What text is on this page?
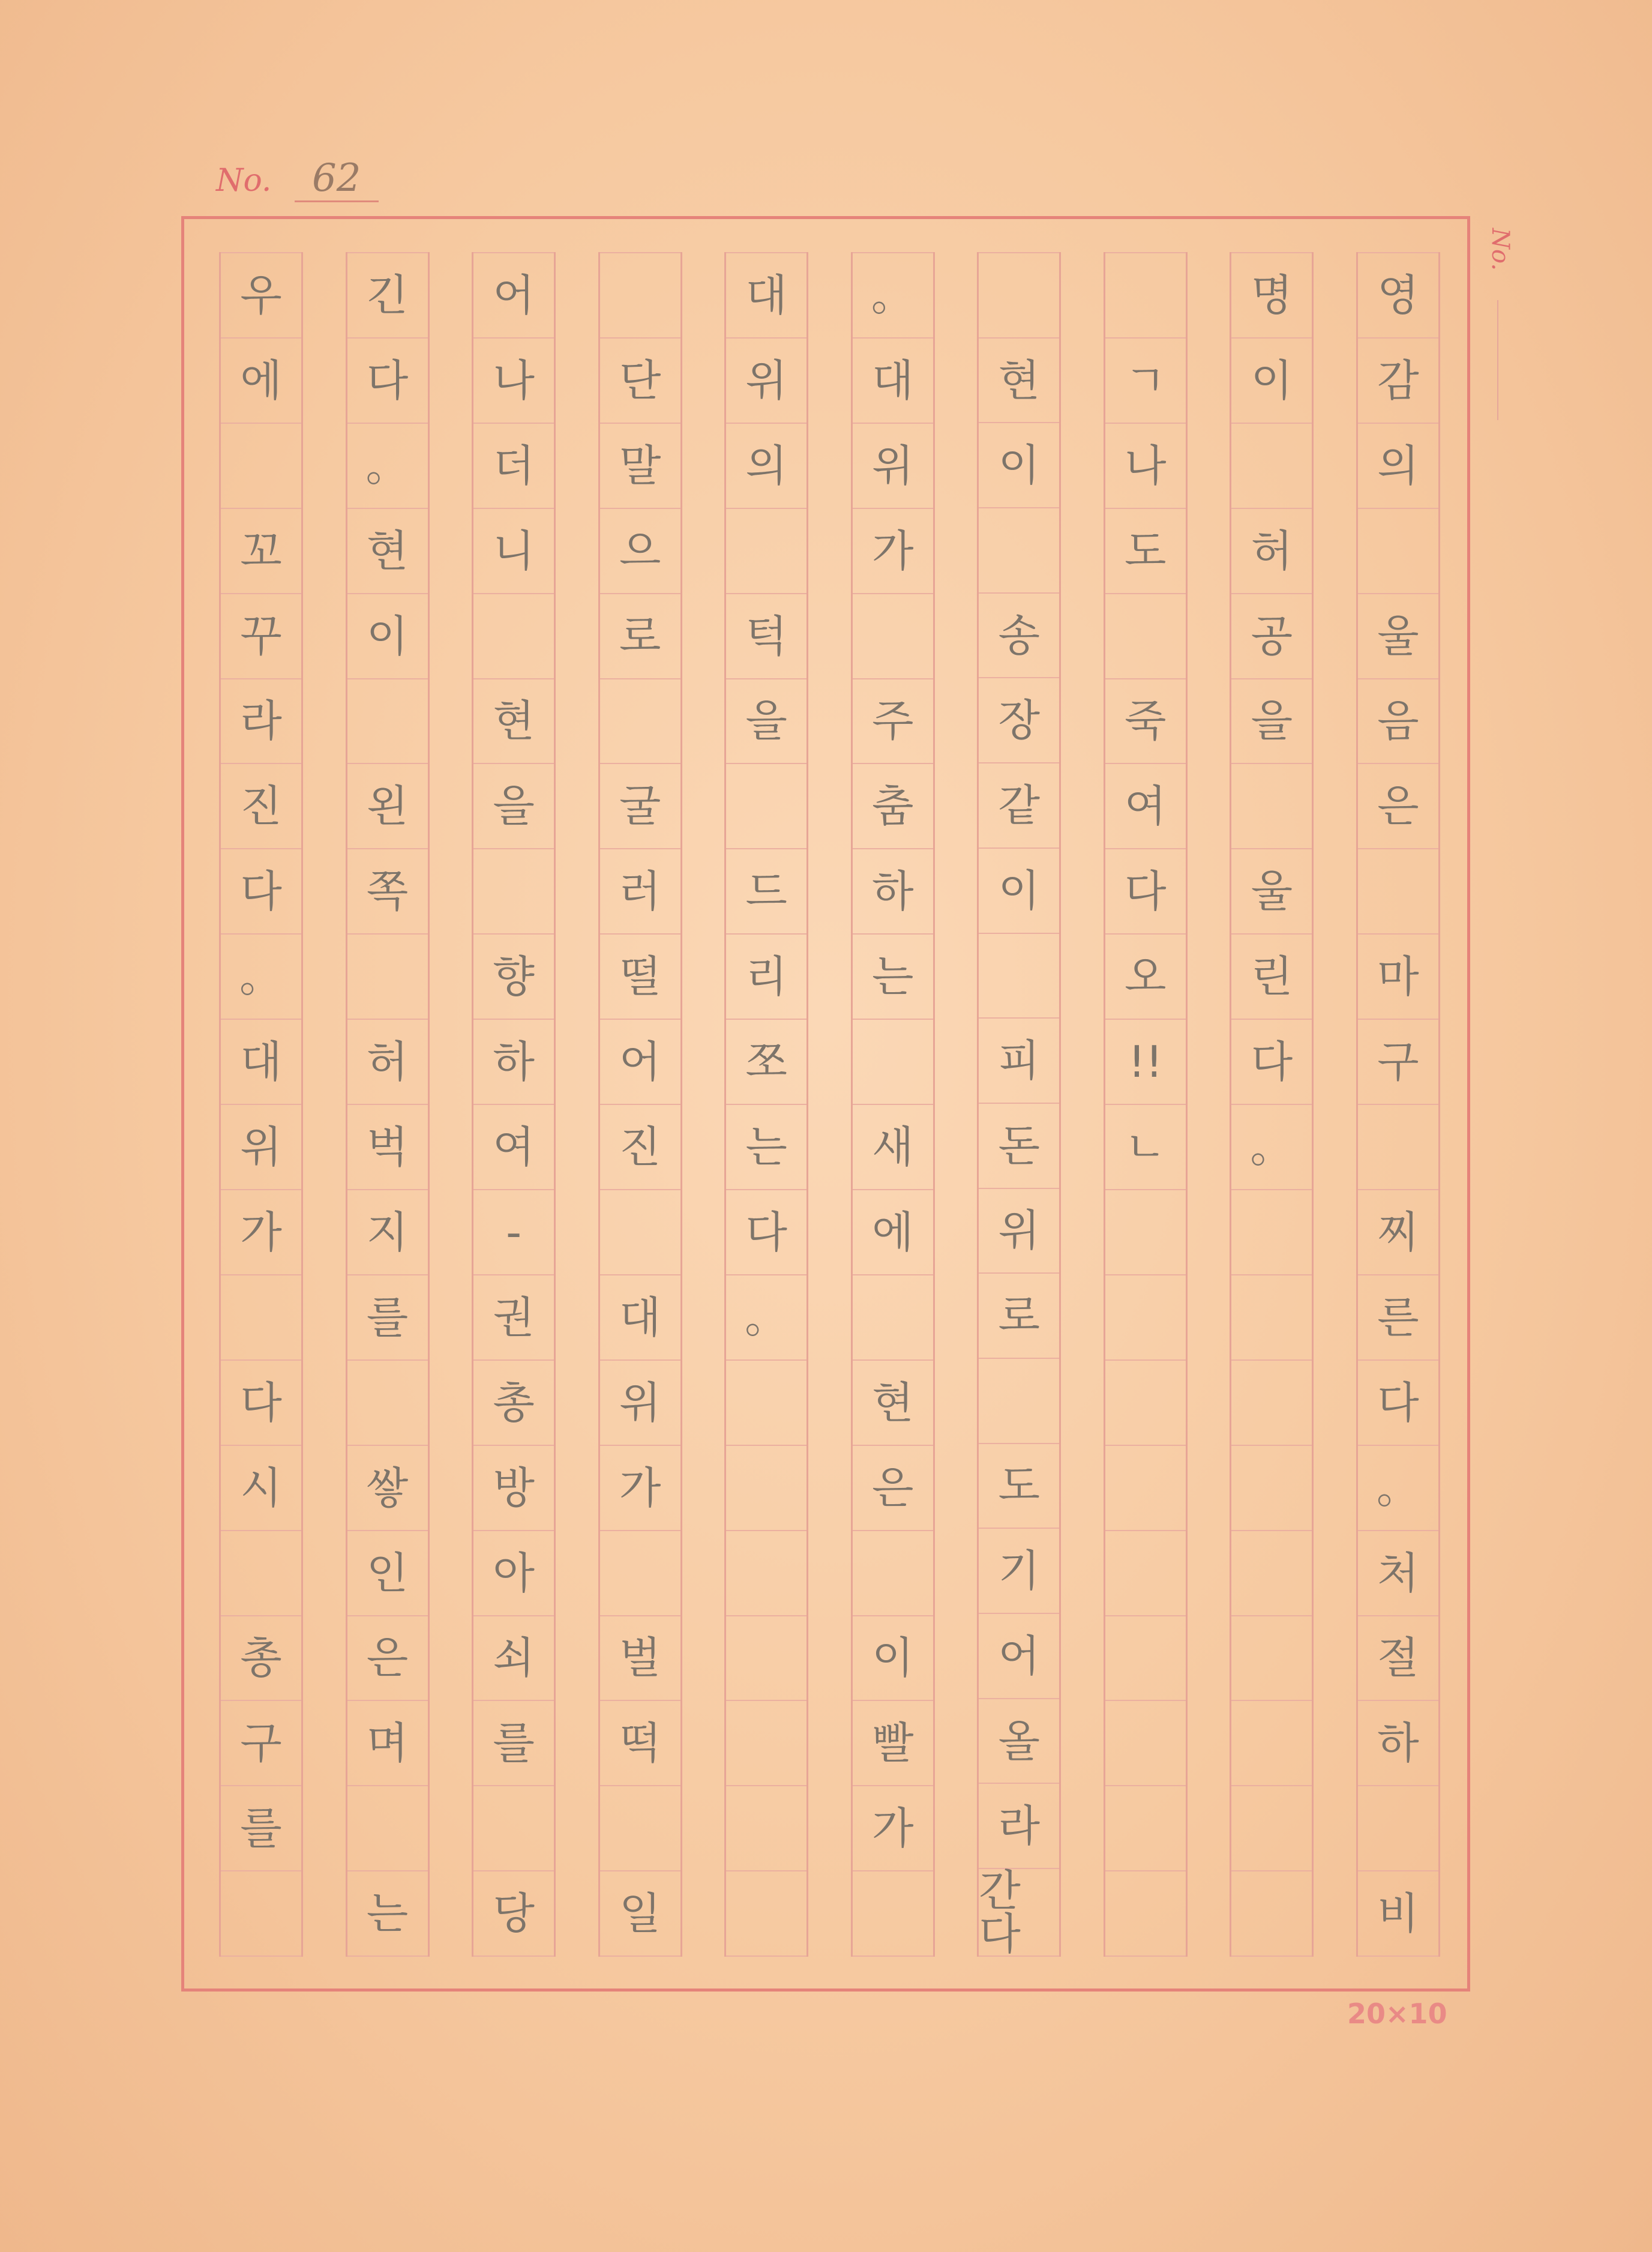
No. 62
No.
영
감
의
울
음
은
마
구
찌
른
다
。
처
절
하
비
명
이
허
공
을
울
린
다
。
ㄱ
나
도
죽
여
다
오
!!
ㄴ
현
이
송
장
같
이
피
돈
위
로
도
기
어
올
라
간다
。
대
위
가
주
춤
하
는
새
에
현
은
이
빨
가
대
위
의
턱
을
드
리
쪼
는
다
。
단
말
으
로
굴
러
떨
어
진
대
위
가
벌
떡
일
어
나
더
니
현
을
향
하
여
-
권
총
방
아
쇠
를
당
긴
다
。
현
이
왼
쪽
허
벅
지
를
쌓
인
은
며
는
우
에
꼬
꾸
라
진
다
。
대
위
가
다
시
총
구
를
20×10
